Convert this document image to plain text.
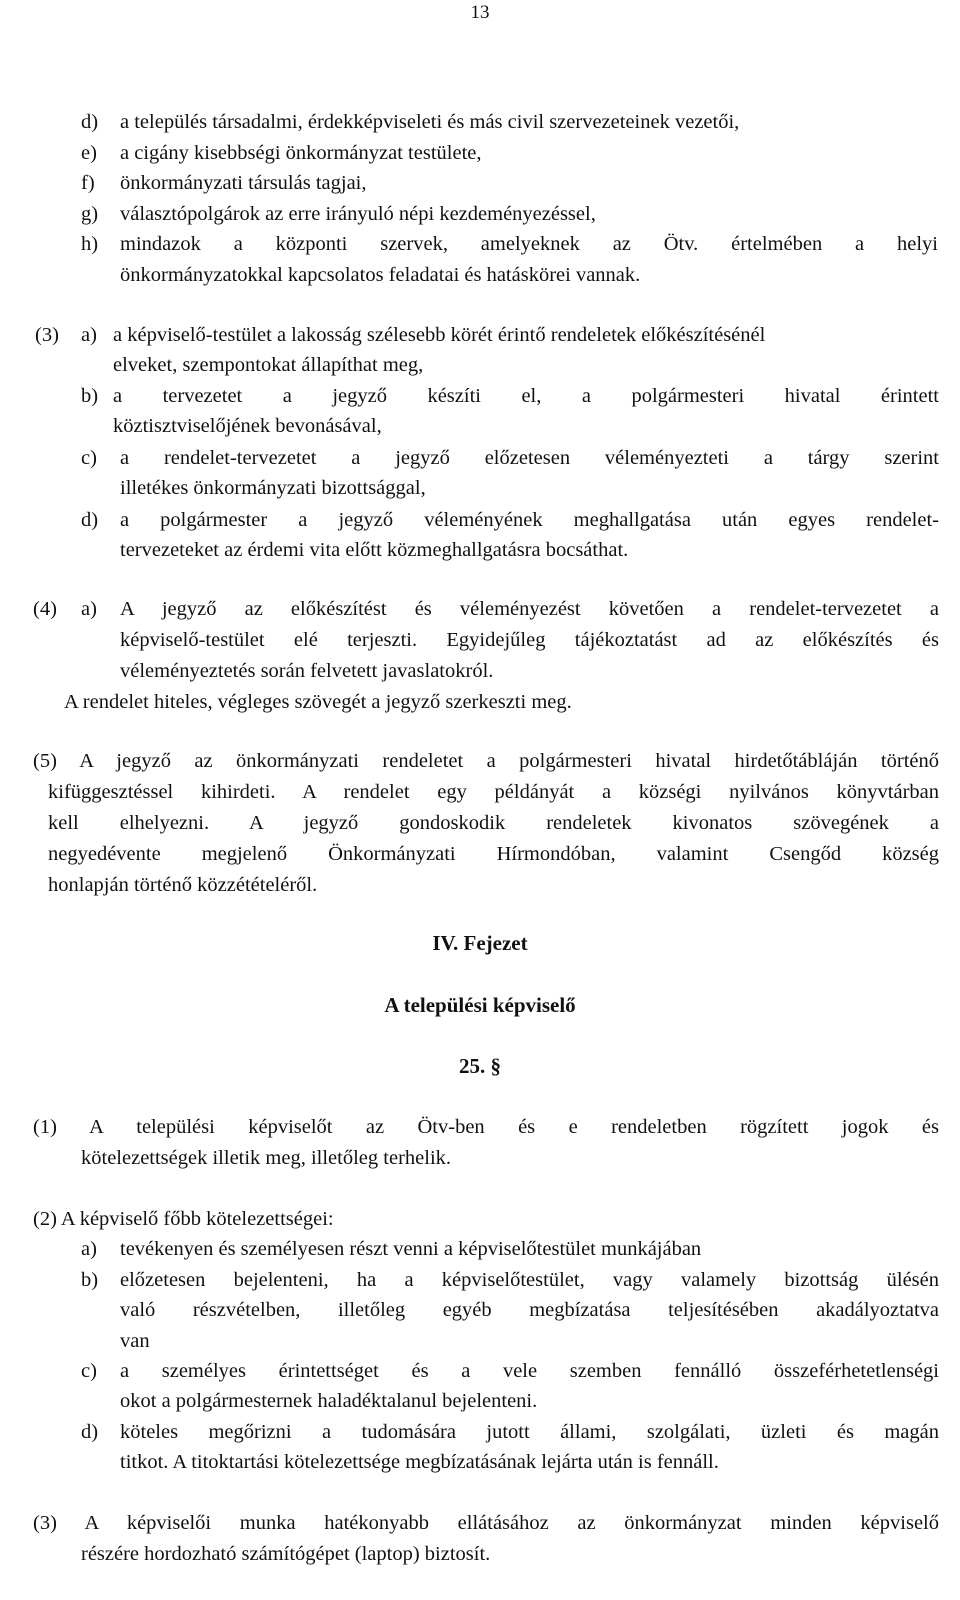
13
d) a település társadalmi, érdekképviseleti és más civil szervezeteinek vezetői,
e) a cigány kisebbségi önkormányzat testülete,
f) önkormányzati társulás tagjai,
g) választópolgárok az erre irányuló népi kezdeményezéssel,
h) mindazok a központi szervek, amelyeknek az Ötv. értelmében a helyi
önkormányzatokkal kapcsolatos feladatai és hatáskörei vannak.
(3) a) a képviselő-testület a lakosság szélesebb körét érintő rendeletek előkészítésénél
elveket, szempontokat állapíthat meg,
b) a tervezetet a jegyző készíti el, a polgármesteri hivatal érintett
köztisztviselőjének bevonásával,
c) a rendelet-tervezetet a jegyző előzetesen véleményezteti a tárgy szerint
illetékes önkormányzati bizottsággal,
d) a polgármester a jegyző véleményének meghallgatása után egyes rendelet-
tervezeteket az érdemi vita előtt közmeghallgatásra bocsáthat.
(4) a) A jegyző az előkészítést és véleményezést követően a rendelet-tervezetet a
képviselő-testület elé terjeszti. Egyidejűleg tájékoztatást ad az előkészítés és
véleményeztetés során felvetett javaslatokról.
A rendelet hiteles, végleges szövegét a jegyző szerkeszti meg.
(5) A jegyző az önkormányzati rendeletet a polgármesteri hivatal hirdetőtábláján történő
kifüggesztéssel kihirdeti. A rendelet egy példányát a községi nyilvános könyvtárban
kell elhelyezni. A jegyző gondoskodik rendeletek kivonatos szövegének a
negyedévente megjelenő Önkormányzati Hírmondóban, valamint Csengőd község
honlapján történő közzétételéről.
IV. Fejezet
A települési képviselő
25. §
(1) A települési képviselőt az Ötv-ben és e rendeletben rögzített jogok és
kötelezettségek illetik meg, illetőleg terhelik.
(2) A képviselő főbb kötelezettségei:
a) tevékenyen és személyesen részt venni a képviselőtestület munkájában
b) előzetesen bejelenteni, ha a képviselőtestület, vagy valamely bizottság ülésén
való részvételben, illetőleg egyéb megbízatása teljesítésében akadályoztatva
van
c) a személyes érintettséget és a vele szemben fennálló összeférhetetlenségi
okot a polgármesternek haladéktalanul bejelenteni.
d) köteles megőrizni a tudomására jutott állami, szolgálati, üzleti és magán
titkot. A titoktartási kötelezettsége megbízatásának lejárta után is fennáll.
(3) A képviselői munka hatékonyabb ellátásához az önkormányzat minden képviselő
részére hordozható számítógépet (laptop) biztosít.
